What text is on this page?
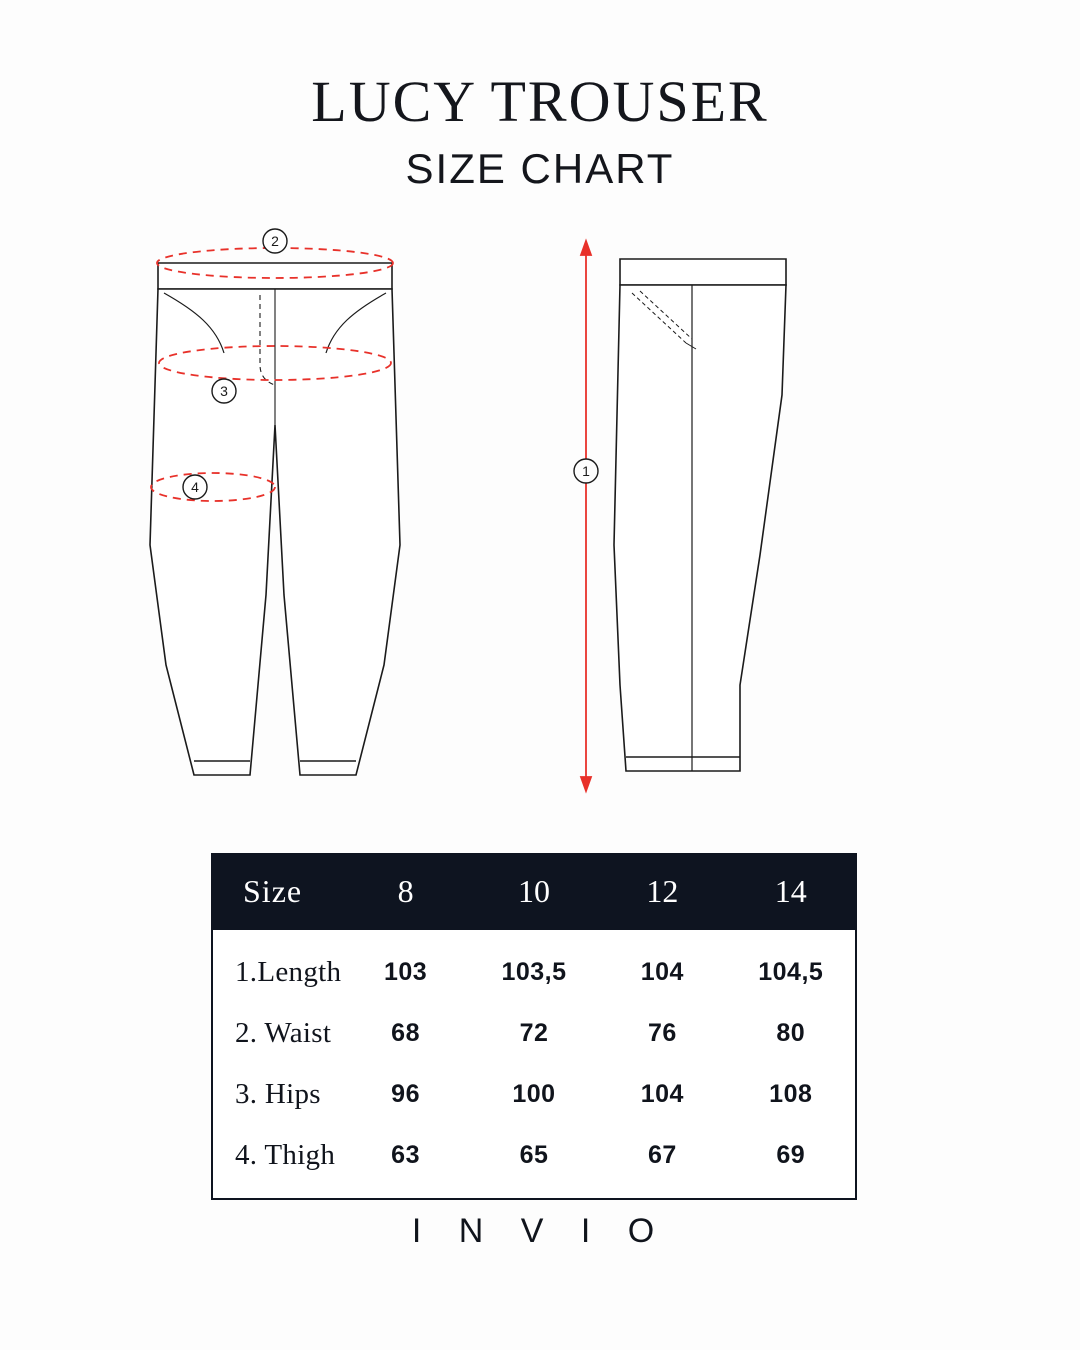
LUCY TROUSER
SIZE CHART
2
3
4
1
Size	8	10	12	14
1.Length	103	103,5	104	104,5
2. Waist	68	72	76	80
3. Hips	96	100	104	108
4. Thigh	63	65	67	69
I N V I O
